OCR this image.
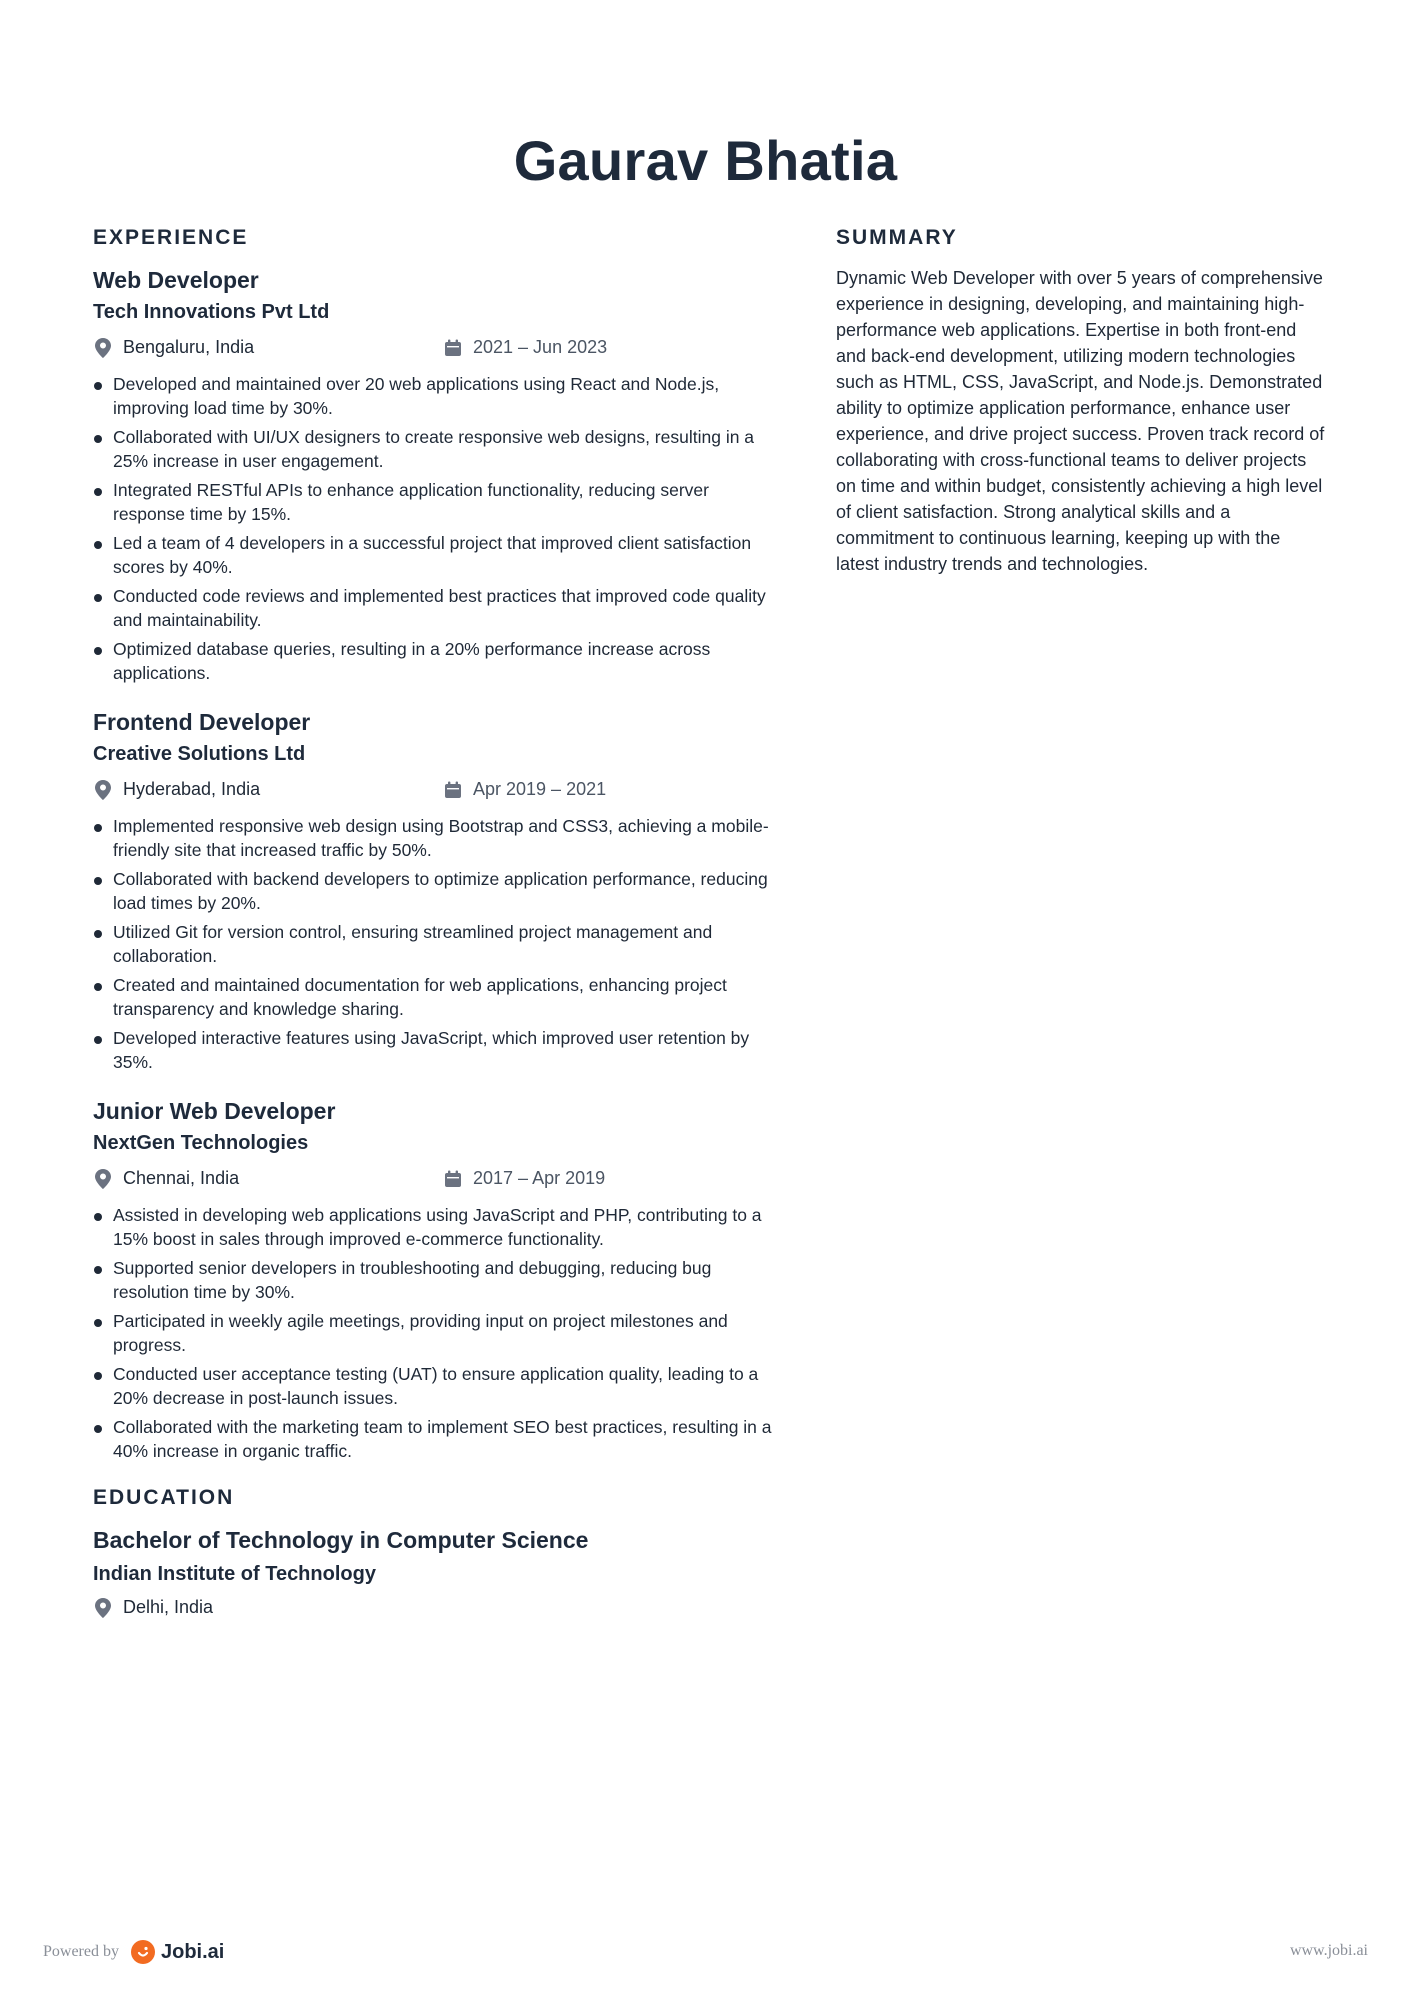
Gaurav Bhatia
EXPERIENCE
Web Developer
Tech Innovations Pvt Ltd
Bengaluru, India	2021 – Jun 2023
Developed and maintained over 20 web applications using React and Node.js, improving load time by 30%.
Collaborated with UI/UX designers to create responsive web designs, resulting in a 25% increase in user engagement.
Integrated RESTful APIs to enhance application functionality, reducing server response time by 15%.
Led a team of 4 developers in a successful project that improved client satisfaction scores by 40%.
Conducted code reviews and implemented best practices that improved code quality and maintainability.
Optimized database queries, resulting in a 20% performance increase across applications.
Frontend Developer
Creative Solutions Ltd
Hyderabad, India	Apr 2019 – 2021
Implemented responsive web design using Bootstrap and CSS3, achieving a mobile-friendly site that increased traffic by 50%.
Collaborated with backend developers to optimize application performance, reducing load times by 20%.
Utilized Git for version control, ensuring streamlined project management and collaboration.
Created and maintained documentation for web applications, enhancing project transparency and knowledge sharing.
Developed interactive features using JavaScript, which improved user retention by 35%.
Junior Web Developer
NextGen Technologies
Chennai, India	2017 – Apr 2019
Assisted in developing web applications using JavaScript and PHP, contributing to a 15% boost in sales through improved e-commerce functionality.
Supported senior developers in troubleshooting and debugging, reducing bug resolution time by 30%.
Participated in weekly agile meetings, providing input on project milestones and progress.
Conducted user acceptance testing (UAT) to ensure application quality, leading to a 20% decrease in post-launch issues.
Collaborated with the marketing team to implement SEO best practices, resulting in a 40% increase in organic traffic.
EDUCATION
Bachelor of Technology in Computer Science
Indian Institute of Technology
Delhi, India
SUMMARY

Dynamic Web Developer with over 5 years of comprehensive experience in designing, developing, and maintaining high-performance web applications. Expertise in both front-end and back-end development, utilizing modern technologies such as HTML, CSS, JavaScript, and Node.js. Demonstrated ability to optimize application performance, enhance user experience, and drive project success. Proven track record of collaborating with cross-functional teams to deliver projects on time and within budget, consistently achieving a high level of client satisfaction. Strong analytical skills and a commitment to continuous learning, keeping up with the latest industry trends and technologies.

Powered by Jobi.ai	www.jobi.ai
